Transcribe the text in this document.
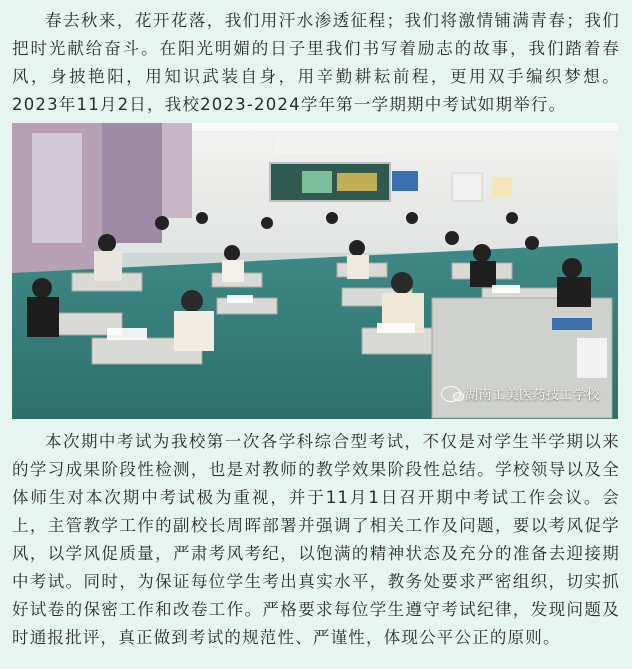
春去秋来，花开花落，我们用汗水渗透征程；我们将激情铺满青春；我们把时光献给奋斗。在阳光明媚的日子里我们书写着励志的故事，我们踏着春风，身披艳阳，用知识武装自身，用辛勤耕耘前程，更用双手编织梦想。2023年11月2日，我校2023-2024学年第一学期期中考试如期举行。

湖南工美医药技工学校

本次期中考试为我校第一次各学科综合型考试，不仅是对学生半学期以来的学习成果阶段性检测，也是对教师的教学效果阶段性总结。学校领导以及全体师生对本次期中考试极为重视，并于11月1日召开期中考试工作会议。会上，主管教学工作的副校长周晖部署并强调了相关工作及问题，要以考风促学风，以学风促质量，严肃考风考纪，以饱满的精神状态及充分的准备去迎接期中考试。同时，为保证每位学生考出真实水平，教务处要求严密组织，切实抓好试卷的保密工作和改卷工作。严格要求每位学生遵守考试纪律，发现问题及时通报批评，真正做到考试的规范性、严谨性，体现公平公正的原则。
